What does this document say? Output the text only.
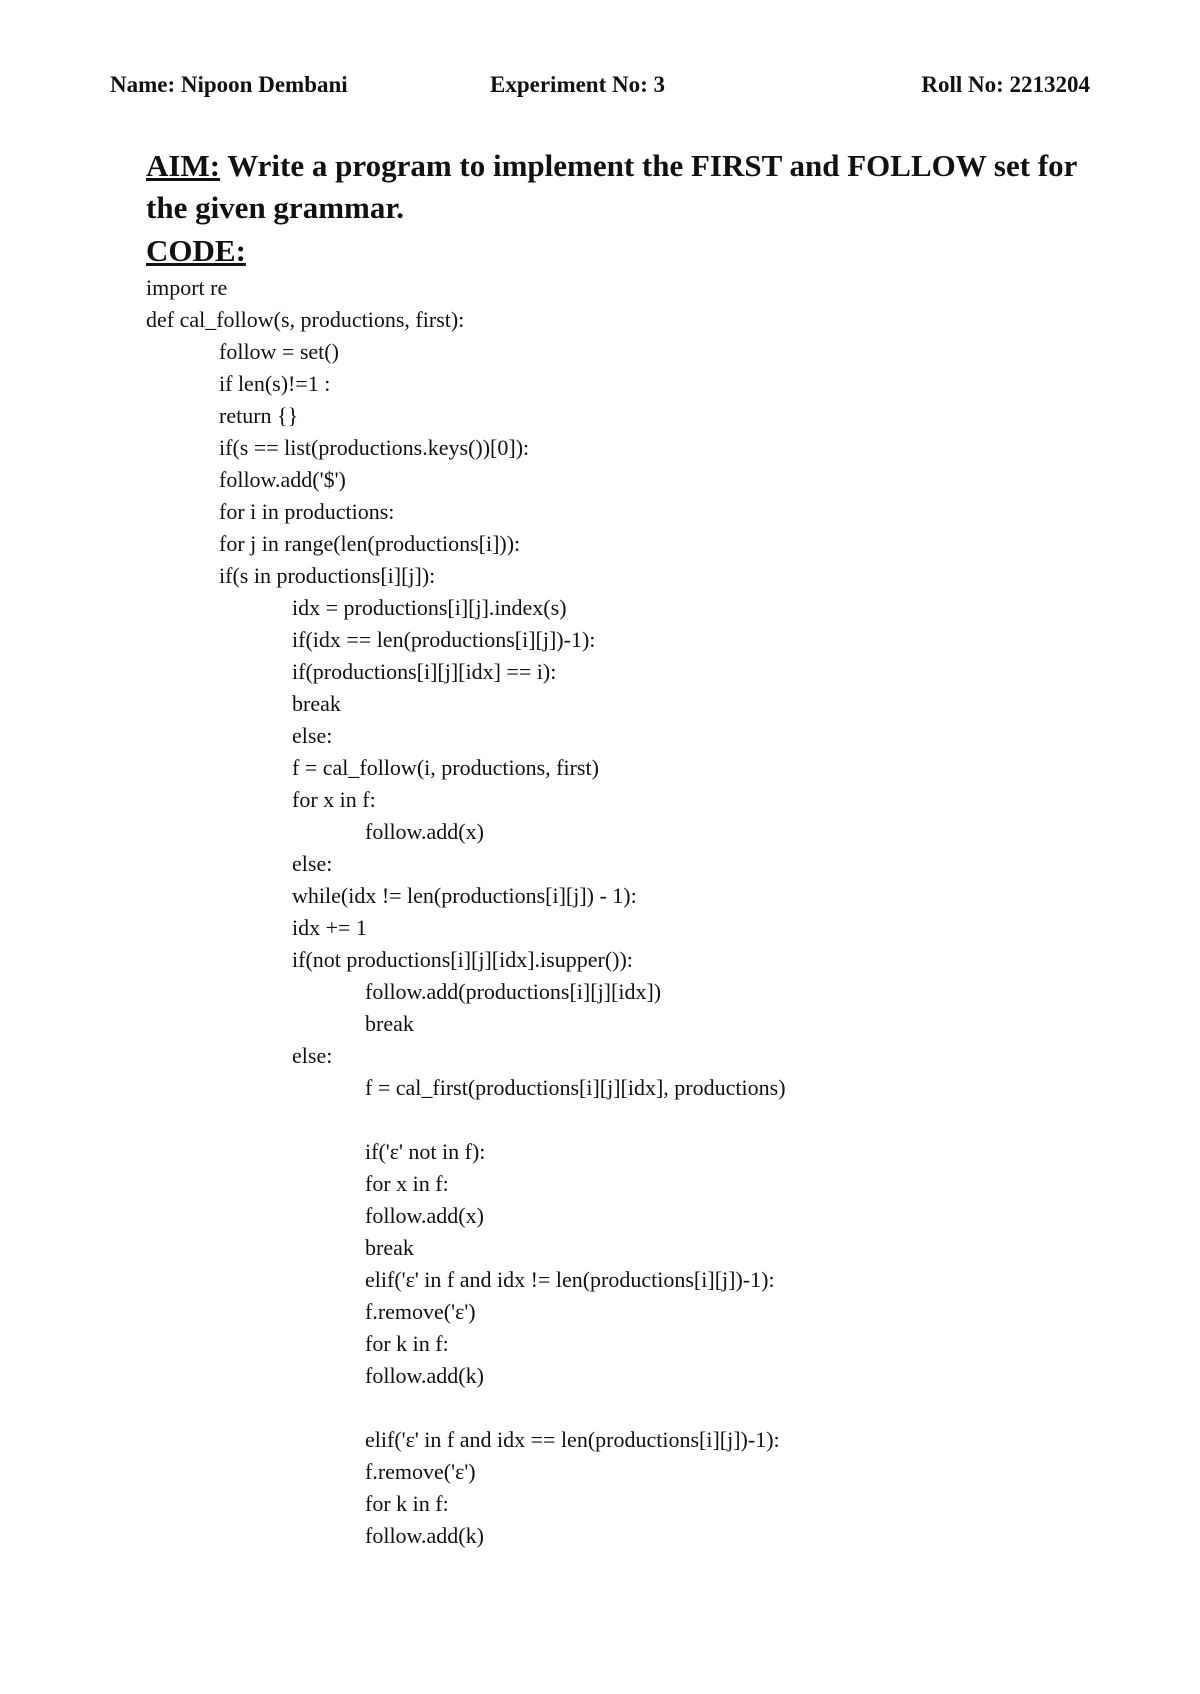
Name: Nipoon Dembani	Experiment No: 3	Roll No: 2213204
AIM: Write a program to implement the FIRST and FOLLOW set for the given grammar.
CODE:
import re
def cal_follow(s, productions, first):
follow = set()
if len(s)!=1 :
return {}
if(s == list(productions.keys())[0]):
follow.add('$')
for i in productions:
for j in range(len(productions[i])):
if(s in productions[i][j]):
idx = productions[i][j].index(s)
if(idx == len(productions[i][j])-1):
if(productions[i][j][idx] == i):
break
else:
f = cal_follow(i, productions, first)
for x in f:
follow.add(x)
else:
while(idx != len(productions[i][j]) - 1):
idx += 1
if(not productions[i][j][idx].isupper()):
follow.add(productions[i][j][idx])
break
else:
f = cal_first(productions[i][j][idx], productions)
if('ε' not in f):
for x in f:
follow.add(x)
break
elif('ε' in f and idx != len(productions[i][j])-1):
f.remove('ε')
for k in f:
follow.add(k)
elif('ε' in f and idx == len(productions[i][j])-1):
f.remove('ε')
for k in f:
follow.add(k)
